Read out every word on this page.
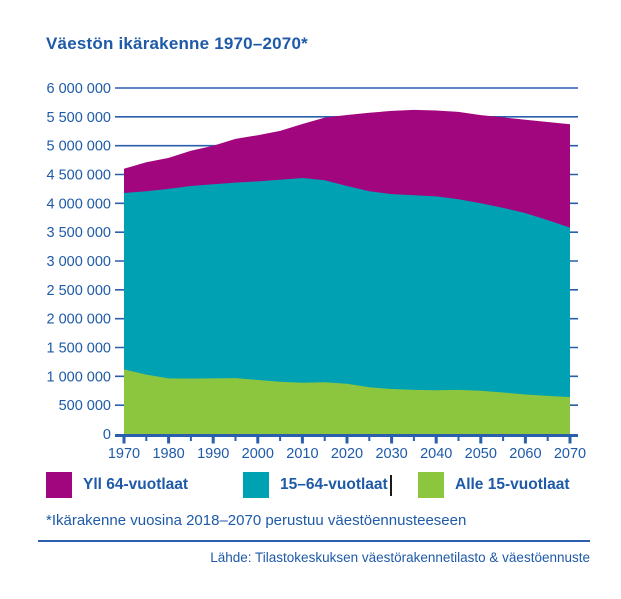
Väestön ikärakenne 1970–2070*
0
500 000
1 000 000
1 500 000
2 000 000
2 500 000
3 000 000
3 500 000
4 000 000
4 500 000
5 000 000
5 500 000
6 000 000
1970 1980 1990 2000 2010 2020 2030 2040 2050 2060 2070
Yll 64-vuotlaat	15–64-vuotlaat	Alle 15-vuotlaat
*Ikärakenne vuosina 2018–2070 perustuu väestöennusteeseen
Lähde: Tilastokeskuksen väestörakennetilasto & väestöennuste
